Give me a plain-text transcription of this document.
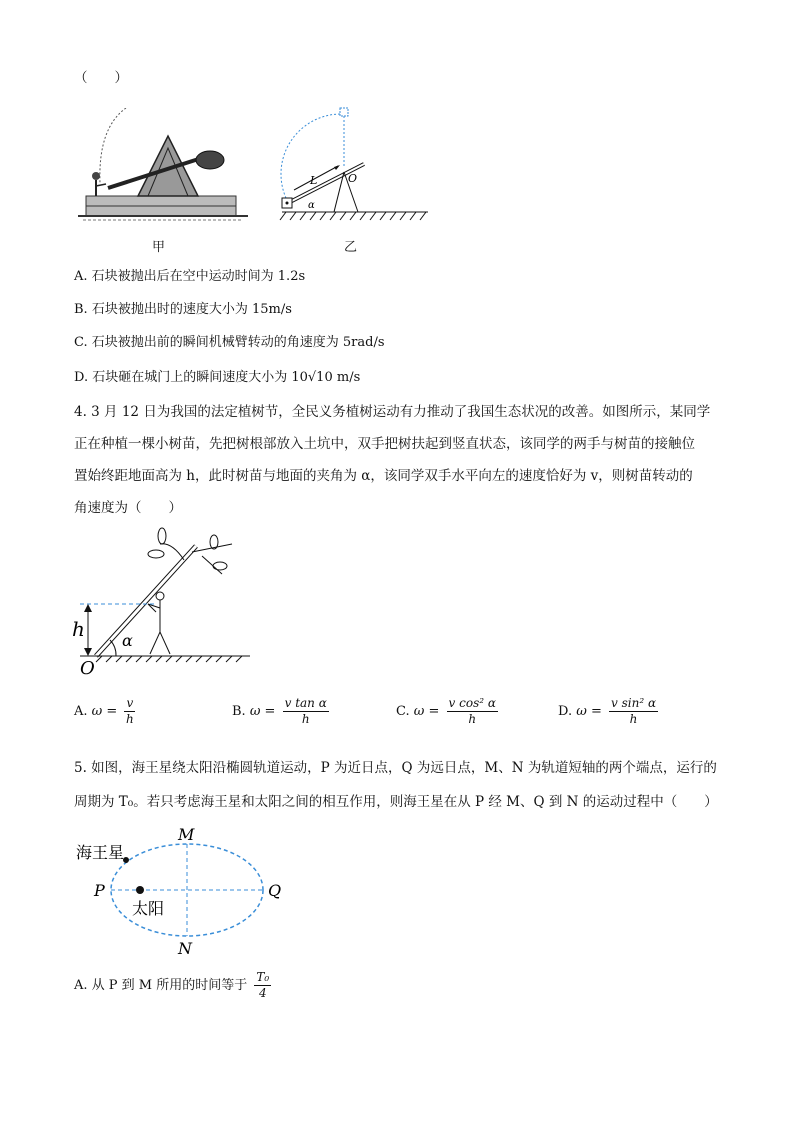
（　　）
甲
L	O
α
乙
A. 石块被抛出后在空中运动时间为 1.2s
B. 石块被抛出时的速度大小为 15m/s
C. 石块被抛出前的瞬间机械臂转动的角速度为 5rad/s
D. 石块砸在城门上的瞬间速度大小为 10√10 m/s
4. 3 月 12 日为我国的法定植树节，全民义务植树运动有力推动了我国生态状况的改善。如图所示，某同学
正在种植一棵小树苗，先把树根部放入土坑中，双手把树扶起到竖直状态，该同学的两手与树苗的接触位
置始终距地面高为 h，此时树苗与地面的夹角为 α，该同学双手水平向左的速度恰好为 v，则树苗转动的
角速度为（　　）
h α
O
A. $\omega = \frac{v}{h}$	B. $\omega = \frac{\text{v tan α}}{h}$	C. $\omega = \frac{\text{v cos² α}}{h}$	D. $\omega = \frac{\text{v sin² α}}{h}$
5. 如图，海王星绕太阳沿椭圆轨道运动，P 为近日点，Q 为远日点，M、N 为轨道短轴的两个端点，运行的
周期为 T₀。若只考虑海王星和太阳之间的相互作用，则海王星在从 P 经 M、Q 到 N 的运动过程中（　　）
海王星
太阳
M
N
P	Q
A. 从 P 到 M 所用的时间等于 $\frac{\text{T₀}}{4}$
